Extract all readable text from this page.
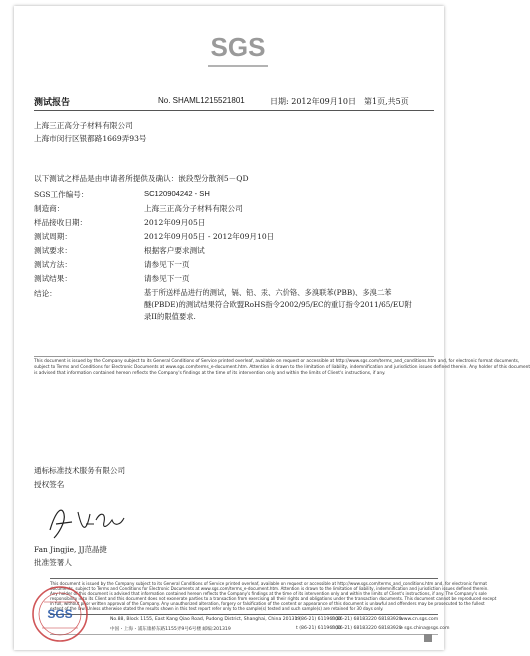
SGS
测试报告	No. SHAML1215521801	日期: 2012年09月10日 第1页,共5页
上海三正高分子材料有限公司
上海市闵行区银都路1669弄93号
以下测试之样品是由申请者所提供及确认：嵌段型分散剂5－QD
SGS工作编号：	SC120904242 - SH
制造商：	上海三正高分子材料有限公司
样品接收日期：	2012年09月05日
测试周期：	2012年09月05日 - 2012年09月10日
测试要求：	根据客户要求测试
测试方法：	请参见下一页
测试结果：	请参见下一页
结论：	基于所送样品进行的测试，镉、铅、汞、六价铬、多溴联苯(PBB)、多溴二苯
醚(PBDE)的测试结果符合欧盟RoHS指令2002/95/EC的重订指令2011/65/EU附
录II的限值要求.
This document is issued by the Company subject to its General Conditions of Service printed overleaf, available on request or accessible at http://www.sgs.com/terms_and_conditions.htm and, for electronic format documents,
subject to Terms and Conditions for Electronic Documents at www.sgs.com/terms_e-document.htm. Attention is drawn to the limitation of liability, indemnification and jurisdiction issues defined therein. Any holder of this document
is advised that information contained hereon reflects the Company's findings at the time of its intervention only and within the limits of Client's instructions, if any.
通标标准技术服务有限公司
授权签名
Fan Jingjie, JJ范晶捷
批准签署人
This document is issued by the Company subject to its General Conditions of Service printed overleaf, available on request or accessible at http://www.sgs.com/terms_and_conditions.htm and, for electronic format
documents, subject to Terms and Conditions for Electronic Documents at www.sgs.com/terms_e-document.htm. Attention is drawn to the limitation of liability, indemnification and jurisdiction issues defined therein.
Any holder of this document is advised that information contained hereon reflects the Company's findings at the time of its intervention only and within the limits of Client's instructions, if any. The Company's sole
responsibility is to its Client and this document does not exonerate parties to a transaction from exercising all their rights and obligations under the transaction documents. This document cannot be reproduced except
in full, without prior written approval of the Company. Any unauthorized alteration, forgery or falsification of the content or appearance of this document is unlawful and offenders may be prosecuted to the fullest
extent of the law. Unless otherwise stated the results shown in this test report refer only to the sample(s) tested and such sample(s) are retained for 30 days only.
No.88, Block 1155, East Kang Qiao Road, Pudong District, Shanghai, China 201319
t (86-21) 61196300
f (86-21) 68183220 68183920
www.cn.sgs.com
中国・上海・浦东康桥东路1155弄9号6号楼 邮编:201319	t (86-21) 61196300
f (86-21) 68183220 68183920
e sgs.china@sgs.com
SGS
